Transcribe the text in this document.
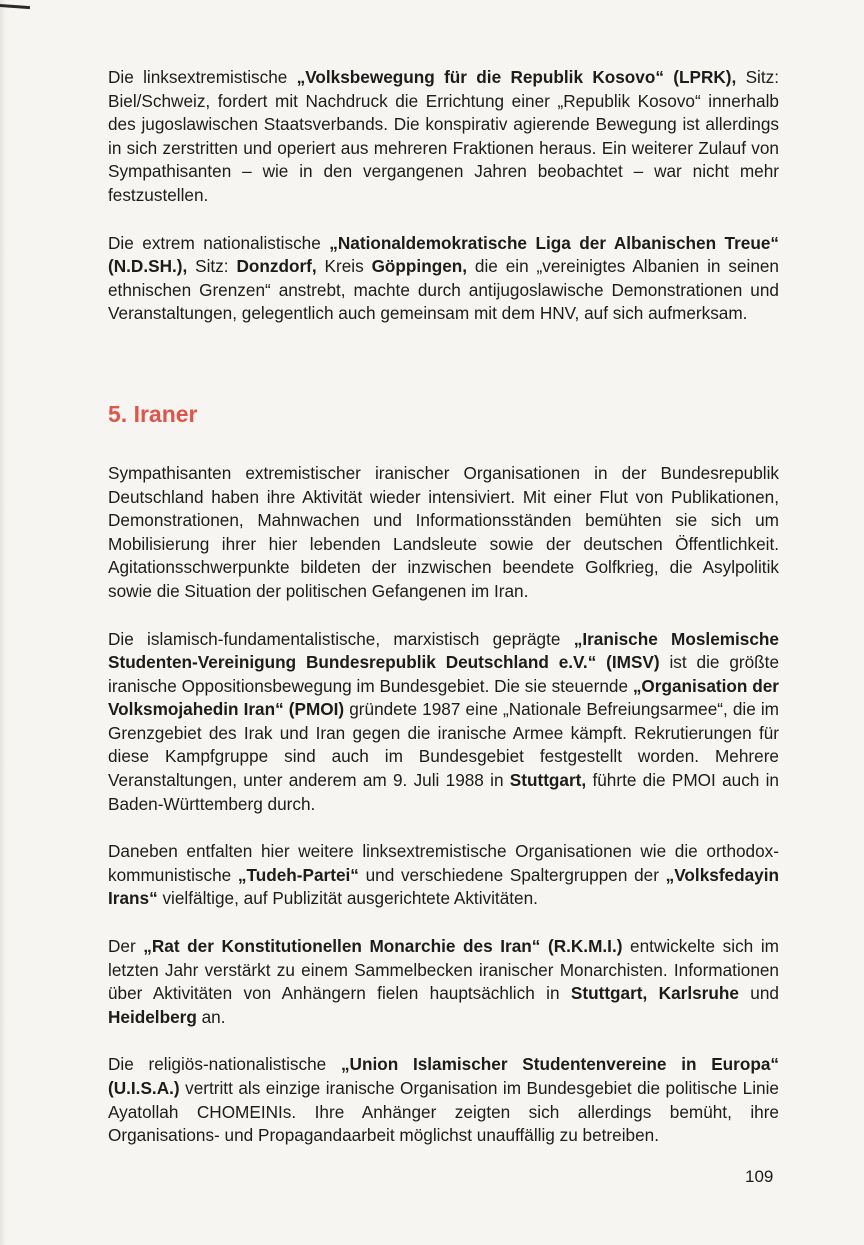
Die linksextremistische „Volksbewegung für die Republik Kosovo“ (LPRK), Sitz: Biel/Schweiz, fordert mit Nachdruck die Errichtung einer „Republik Kosovo“ innerhalb des jugoslawischen Staatsverbands. Die konspirativ agierende Bewegung ist allerdings in sich zerstritten und operiert aus mehreren Fraktionen heraus. Ein weiterer Zulauf von Sympathisanten – wie in den vergangenen Jahren beobachtet – war nicht mehr festzustellen.

Die extrem nationalistische „Nationaldemokratische Liga der Albanischen Treue“ (N.D.SH.), Sitz: Donzdorf, Kreis Göppingen, die ein „vereinigtes Albanien in seinen ethnischen Grenzen“ anstrebt, machte durch antijugoslawische Demonstrationen und Veranstaltungen, gelegentlich auch gemeinsam mit dem HNV, auf sich aufmerksam.

5. Iraner

Sympathisanten extremistischer iranischer Organisationen in der Bundesrepublik Deutschland haben ihre Aktivität wieder intensiviert. Mit einer Flut von Publikationen, Demonstrationen, Mahnwachen und Informationsständen bemühten sie sich um Mobilisierung ihrer hier lebenden Landsleute sowie der deutschen Öffentlichkeit. Agitationsschwerpunkte bildeten der inzwischen beendete Golfkrieg, die Asylpolitik sowie die Situation der politischen Gefangenen im Iran.

Die islamisch-fundamentalistische, marxistisch geprägte „Iranische Moslemische Studenten-Vereinigung Bundesrepublik Deutschland e.V.“ (IMSV) ist die größte iranische Oppositionsbewegung im Bundesgebiet. Die sie steuernde „Organisation der Volksmojahedin Iran“ (PMOI) gründete 1987 eine „Nationale Befreiungsarmee“, die im Grenzgebiet des Irak und Iran gegen die iranische Armee kämpft. Rekrutierungen für diese Kampfgruppe sind auch im Bundesgebiet festgestellt worden. Mehrere Veranstaltungen, unter anderem am 9. Juli 1988 in Stuttgart, führte die PMOI auch in Baden-Württemberg durch.

Daneben entfalten hier weitere linksextremistische Organisationen wie die orthodox-kommunistische „Tudeh-Partei“ und verschiedene Spaltergruppen der „Volksfedayin Irans“ vielfältige, auf Publizität ausgerichtete Aktivitäten.

Der „Rat der Konstitutionellen Monarchie des Iran“ (R.K.M.I.) entwickelte sich im letzten Jahr verstärkt zu einem Sammelbecken iranischer Monarchisten. Informationen über Aktivitäten von Anhängern fielen hauptsächlich in Stuttgart, Karlsruhe und Heidelberg an.

Die religiös-nationalistische „Union Islamischer Studentenvereine in Europa“ (U.I.S.A.) vertritt als einzige iranische Organisation im Bundesgebiet die politische Linie Ayatollah CHOMEINIs. Ihre Anhänger zeigten sich allerdings bemüht, ihre Organisations- und Propagandaarbeit möglichst unauffällig zu betreiben.

109
